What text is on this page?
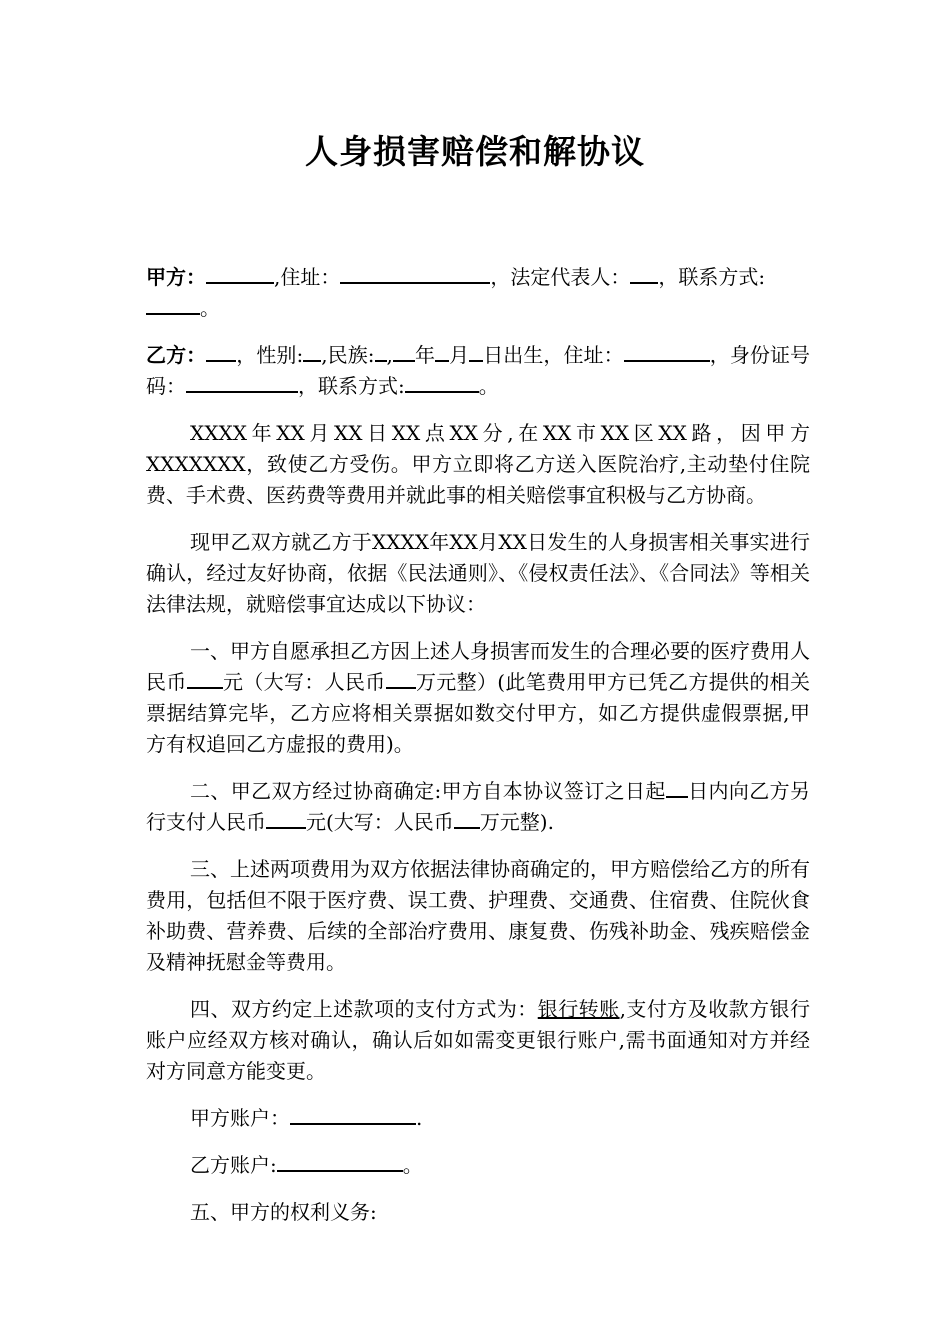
人身损害赔偿和解协议

甲方：	,住址：	，法定代表人： ，联系方式:
。

乙方： ，性别: ,民族: , 年 月 日出生，住址：	，身份证号码：	，联系方式:	。

XXXX年XX月XX日XX点XX分,在XX市XX区XX路，因甲方XXXXXXX，致使乙方受伤。甲方立即将乙方送入医院治疗,主动垫付住院费、手术费、医药费等费用并就此事的相关赔偿事宜积极与乙方协商。

现甲乙双方就乙方于XXXX年XX月XX日发生的人身损害相关事实进行确认，经过友好协商，依据《民法通则》、《侵权责任法》、《合同法》等相关法律法规，就赔偿事宜达成以下协议：

一、甲方自愿承担乙方因上述人身损害而发生的合理必要的医疗费用人民币 元（大写：人民币 万元整）(此笔费用甲方已凭乙方提供的相关票据结算完毕，乙方应将相关票据如数交付甲方，如乙方提供虚假票据,甲方有权追回乙方虚报的费用)。

二、甲乙双方经过协商确定:甲方自本协议签订之日起 日内向乙方另行支付人民币 元(大写：人民币 万元整).

三、上述两项费用为双方依据法律协商确定的，甲方赔偿给乙方的所有费用，包括但不限于医疗费、误工费、护理费、交通费、住宿费、住院伙食补助费、营养费、后续的全部治疗费用、康复费、伤残补助金、残疾赔偿金及精神抚慰金等费用。

四、双方约定上述款项的支付方式为：银行转账,支付方及收款方银行账户应经双方核对确认，确认后如如需变更银行账户,需书面通知对方并经对方同意方能变更。

甲方账户：	.

乙方账户:	。

五、甲方的权利义务:
